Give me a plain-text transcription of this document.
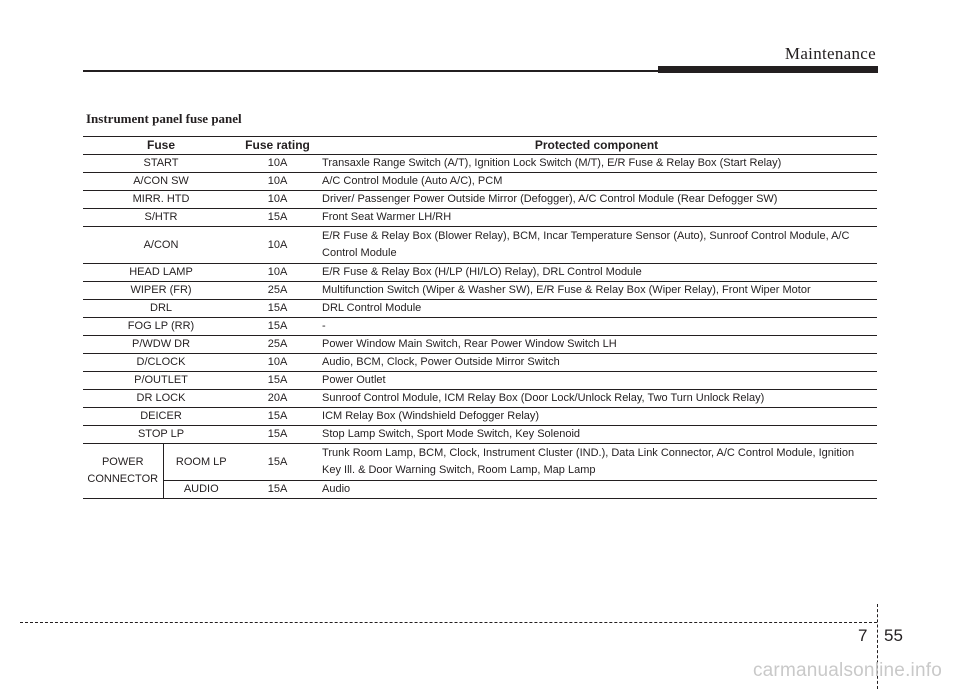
Maintenance
Instrument panel fuse panel
Fuse		Fuse rating	Protected component
START		10A	Transaxle Range Switch (A/T), Ignition Lock Switch (M/T), E/R Fuse & Relay Box (Start Relay)
A/CON SW		10A	A/C Control Module (Auto A/C), PCM
MIRR. HTD		10A	Driver/ Passenger Power Outside Mirror (Defogger), A/C Control Module (Rear Defogger SW)
S/HTR		15A	Front Seat Warmer LH/RH
A/CON		10A	E/R Fuse & Relay Box (Blower Relay), BCM, Incar Temperature Sensor (Auto), Sunroof Control Module, A/C Control Module
HEAD LAMP		10A	E/R Fuse & Relay Box (H/LP (HI/LO) Relay), DRL Control Module
WIPER (FR)		25A	Multifunction Switch (Wiper & Washer SW), E/R Fuse & Relay Box (Wiper Relay), Front Wiper Motor
DRL		15A	DRL Control Module
FOG LP (RR)		15A	-
P/WDW DR		25A	Power Window Main Switch, Rear Power Window Switch LH
D/CLOCK		10A	Audio, BCM, Clock, Power Outside Mirror Switch
P/OUTLET		15A	Power Outlet
DR LOCK		20A	Sunroof Control Module, ICM Relay Box (Door Lock/Unlock Relay, Two Turn Unlock Relay)
DEICER		15A	ICM Relay Box (Windshield Defogger Relay)
STOP LP		15A	Stop Lamp Switch, Sport Mode Switch, Key Solenoid
POWER CONNECTOR	ROOM LP	15A	Trunk Room Lamp, BCM, Clock, Instrument Cluster (IND.), Data Link Connector, A/C Control Module, Ignition Key Ill. & Door Warning Switch, Room Lamp, Map Lamp
	AUDIO	15A	Audio
7 55
carmanualsonline.info
